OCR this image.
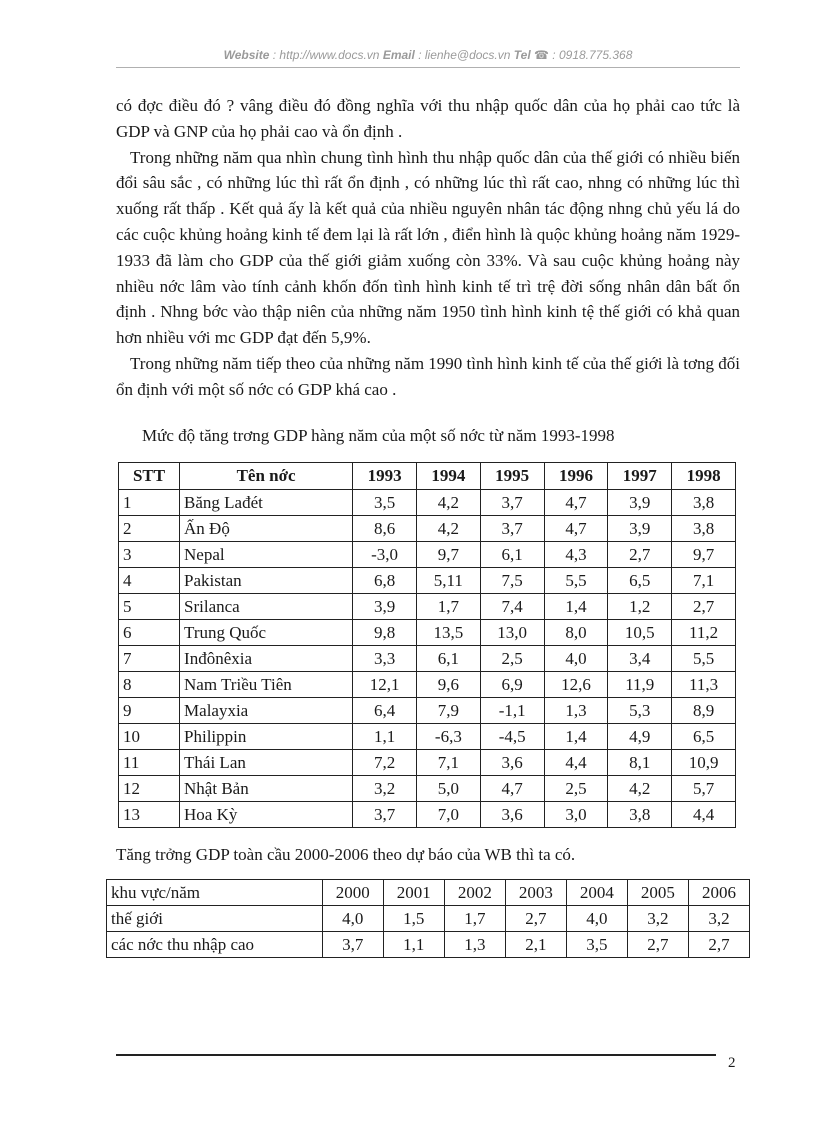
Website : http://www.docs.vn Email : lienhe@docs.vn Tel ☎ : 0918.775.368

có đợc điều đó ? vâng điều đó đồng nghĩa với thu nhập quốc dân của họ phải cao tức là GDP và GNP của họ phải cao và ổn định .

Trong những năm qua nhìn chung tình hình thu nhập quốc dân của thế giới có nhiều biến đổi sâu sắc , có những lúc thì rất ổn định , có những lúc thì rất cao, nhng có những lúc thì xuống rất thấp . Kết quả ấy là kết quả của nhiều nguyên nhân tác động nhng chủ yếu lá do các cuộc khủng hoảng kinh tế đem lại là rất lớn , điển hình là quộc khủng hoảng năm 1929-1933 đã làm cho GDP của thế giới giảm xuống còn 33%. Và sau cuộc khủng hoảng này nhiều nớc lâm vào tính cảnh khốn đốn tình hình kinh tế trì trệ đời sống nhân dân bất ổn định . Nhng bớc vào thập niên của những năm 1950 tình hình kinh tệ thế giới có khả quan hơn nhiều với mc GDP đạt đến 5,9%.

Trong những năm tiếp theo của những năm 1990 tình hình kinh tế của thế giới là tơng đối ổn định với một số nớc có GDP khá cao .

Mức độ tăng trơng GDP hàng năm của một số nớc từ năm 1993-1998
STT	Tên nớc	1993	1994	1995	1996	1997	1998
1	Băng Lađét	3,5	4,2	3,7	4,7	3,9	3,8
2	Ấn Độ	8,6	4,2	3,7	4,7	3,9	3,8
3	Nepal	-3,0	9,7	6,1	4,3	2,7	9,7
4	Pakistan	6,8	5,11	7,5	5,5	6,5	7,1
5	Srilanca	3,9	1,7	7,4	1,4	1,2	2,7
6	Trung Quốc	9,8	13,5	13,0	8,0	10,5	11,2
7	Inđônêxia	3,3	6,1	2,5	4,0	3,4	5,5
8	Nam Triều Tiên	12,1	9,6	6,9	12,6	11,9	11,3
9	Malayxia	6,4	7,9	-1,1	1,3	5,3	8,9
10	Philippin	1,1	-6,3	-4,5	1,4	4,9	6,5
11	Thái Lan	7,2	7,1	3,6	4,4	8,1	10,9
12	Nhật Bản	3,2	5,0	4,7	2,5	4,2	5,7
13	Hoa Kỳ	3,7	7,0	3,6	3,0	3,8	4,4
Tăng trởng GDP toàn cầu 2000-2006 theo dự báo của WB thì ta có.
khu vực/năm	2000	2001	2002	2003	2004	2005	2006
thế giới	4,0	1,5	1,7	2,7	4,0	3,2	3,2
các nớc thu nhập cao	3,7	1,1	1,3	2,1	3,5	2,7	2,7
2
